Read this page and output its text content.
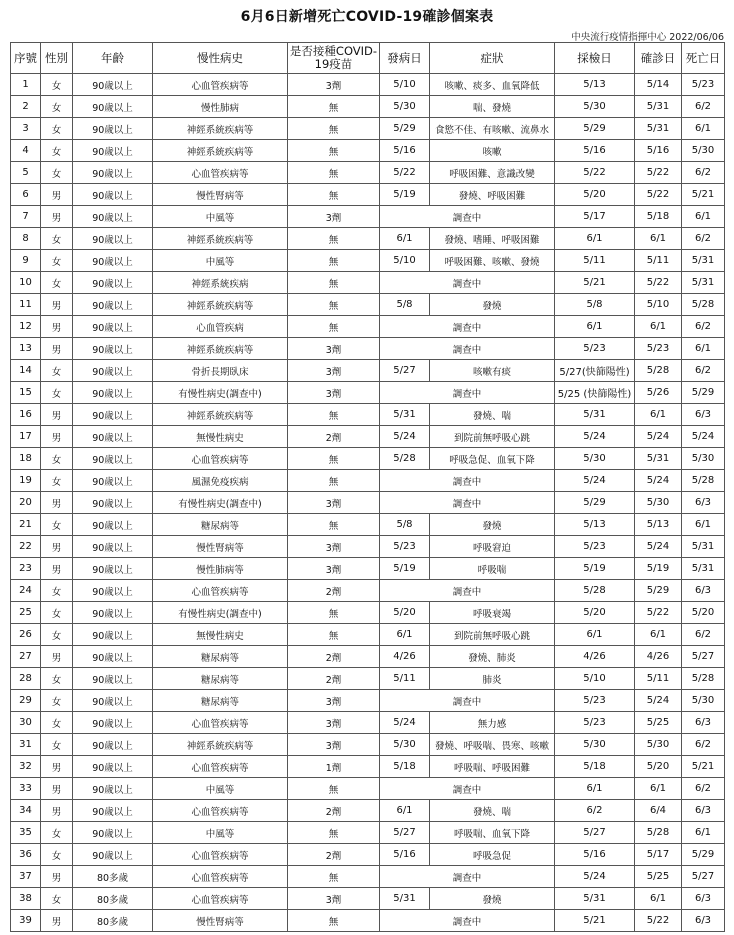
6月6日新增死亡COVID-19確診個案表
中央流行疫情指揮中心 2022/06/06
序號	性別	年齡	慢性病史	是否接種COVID-19疫苗	發病日	症狀	採檢日	確診日	死亡日
1	女	90歲以上	心血管疾病等	3劑	5/10	咳嗽、痰多、血氧降低	5/13	5/14	5/23
2	女	90歲以上	慢性肺病	無	5/30	喘、發燒	5/30	5/31	6/2
3	女	90歲以上	神經系統疾病等	無	5/29	食慾不佳、有咳嗽、流鼻水	5/29	5/31	6/1
4	女	90歲以上	神經系統疾病等	無	5/16	咳嗽	5/16	5/16	5/30
5	女	90歲以上	心血管疾病等	無	5/22	呼吸困難、意識改變	5/22	5/22	6/2
6	男	90歲以上	慢性腎病等	無	5/19	發燒、呼吸困難	5/20	5/22	5/21
7	男	90歲以上	中風等	3劑	調查中		5/17	5/18	6/1
8	女	90歲以上	神經系統疾病等	無	6/1	發燒、嗜睡、呼吸困難	6/1	6/1	6/2
9	女	90歲以上	中風等	無	5/10	呼吸困難、咳嗽、發燒	5/11	5/11	5/31
10	女	90歲以上	神經系統疾病	無	調查中		5/21	5/22	5/31
11	男	90歲以上	神經系統疾病等	無	5/8	發燒	5/8	5/10	5/28
12	男	90歲以上	心血管疾病	無	調查中		6/1	6/1	6/2
13	男	90歲以上	神經系統疾病等	3劑	調查中		5/23	5/23	6/1
14	女	90歲以上	骨折長期臥床	3劑	5/27	咳嗽有痰	5/27(快篩陽性)	5/28	6/2
15	女	90歲以上	有慢性病史(調查中)	3劑	調查中		5/25 (快篩陽性)	5/26	5/29
16	男	90歲以上	神經系統疾病等	無	5/31	發燒、喘	5/31	6/1	6/3
17	男	90歲以上	無慢性病史	2劑	5/24	到院前無呼吸心跳	5/24	5/24	5/24
18	女	90歲以上	心血管疾病等	無	5/28	呼吸急促、血氧下降	5/30	5/31	5/30
19	女	90歲以上	風濕免疫疾病	無	調查中		5/24	5/24	5/28
20	男	90歲以上	有慢性病史(調查中)	3劑	調查中		5/29	5/30	6/3
21	女	90歲以上	糖尿病等	無	5/8	發燒	5/13	5/13	6/1
22	男	90歲以上	慢性腎病等	3劑	5/23	呼吸窘迫	5/23	5/24	5/31
23	男	90歲以上	慢性肺病等	3劑	5/19	呼吸喘	5/19	5/19	5/31
24	女	90歲以上	心血管疾病等	2劑	調查中		5/28	5/29	6/3
25	女	90歲以上	有慢性病史(調查中)	無	5/20	呼吸衰竭	5/20	5/22	5/20
26	女	90歲以上	無慢性病史	無	6/1	到院前無呼吸心跳	6/1	6/1	6/2
27	男	90歲以上	糖尿病等	2劑	4/26	發燒、肺炎	4/26	4/26	5/27
28	女	90歲以上	糖尿病等	2劑	5/11	肺炎	5/10	5/11	5/28
29	女	90歲以上	糖尿病等	3劑	調查中		5/23	5/24	5/30
30	女	90歲以上	心血管疾病等	3劑	5/24	無力感	5/23	5/25	6/3
31	女	90歲以上	神經系統疾病等	3劑	5/30	發燒、呼吸喘、畏寒、咳嗽	5/30	5/30	6/2
32	男	90歲以上	心血管疾病等	1劑	5/18	呼吸喘、呼吸困難	5/18	5/20	5/21
33	男	90歲以上	中風等	無	調查中		6/1	6/1	6/2
34	男	90歲以上	心血管疾病等	2劑	6/1	發燒、喘	6/2	6/4	6/3
35	女	90歲以上	中風等	無	5/27	呼吸喘、血氧下降	5/27	5/28	6/1
36	女	90歲以上	心血管疾病等	2劑	5/16	呼吸急促	5/16	5/17	5/29
37	男	80多歲	心血管疾病等	無	調查中		5/24	5/25	5/27
38	女	80多歲	心血管疾病等	3劑	5/31	發燒	5/31	6/1	6/3
39	男	80多歲	慢性腎病等	無	調查中		5/21	5/22	6/3
